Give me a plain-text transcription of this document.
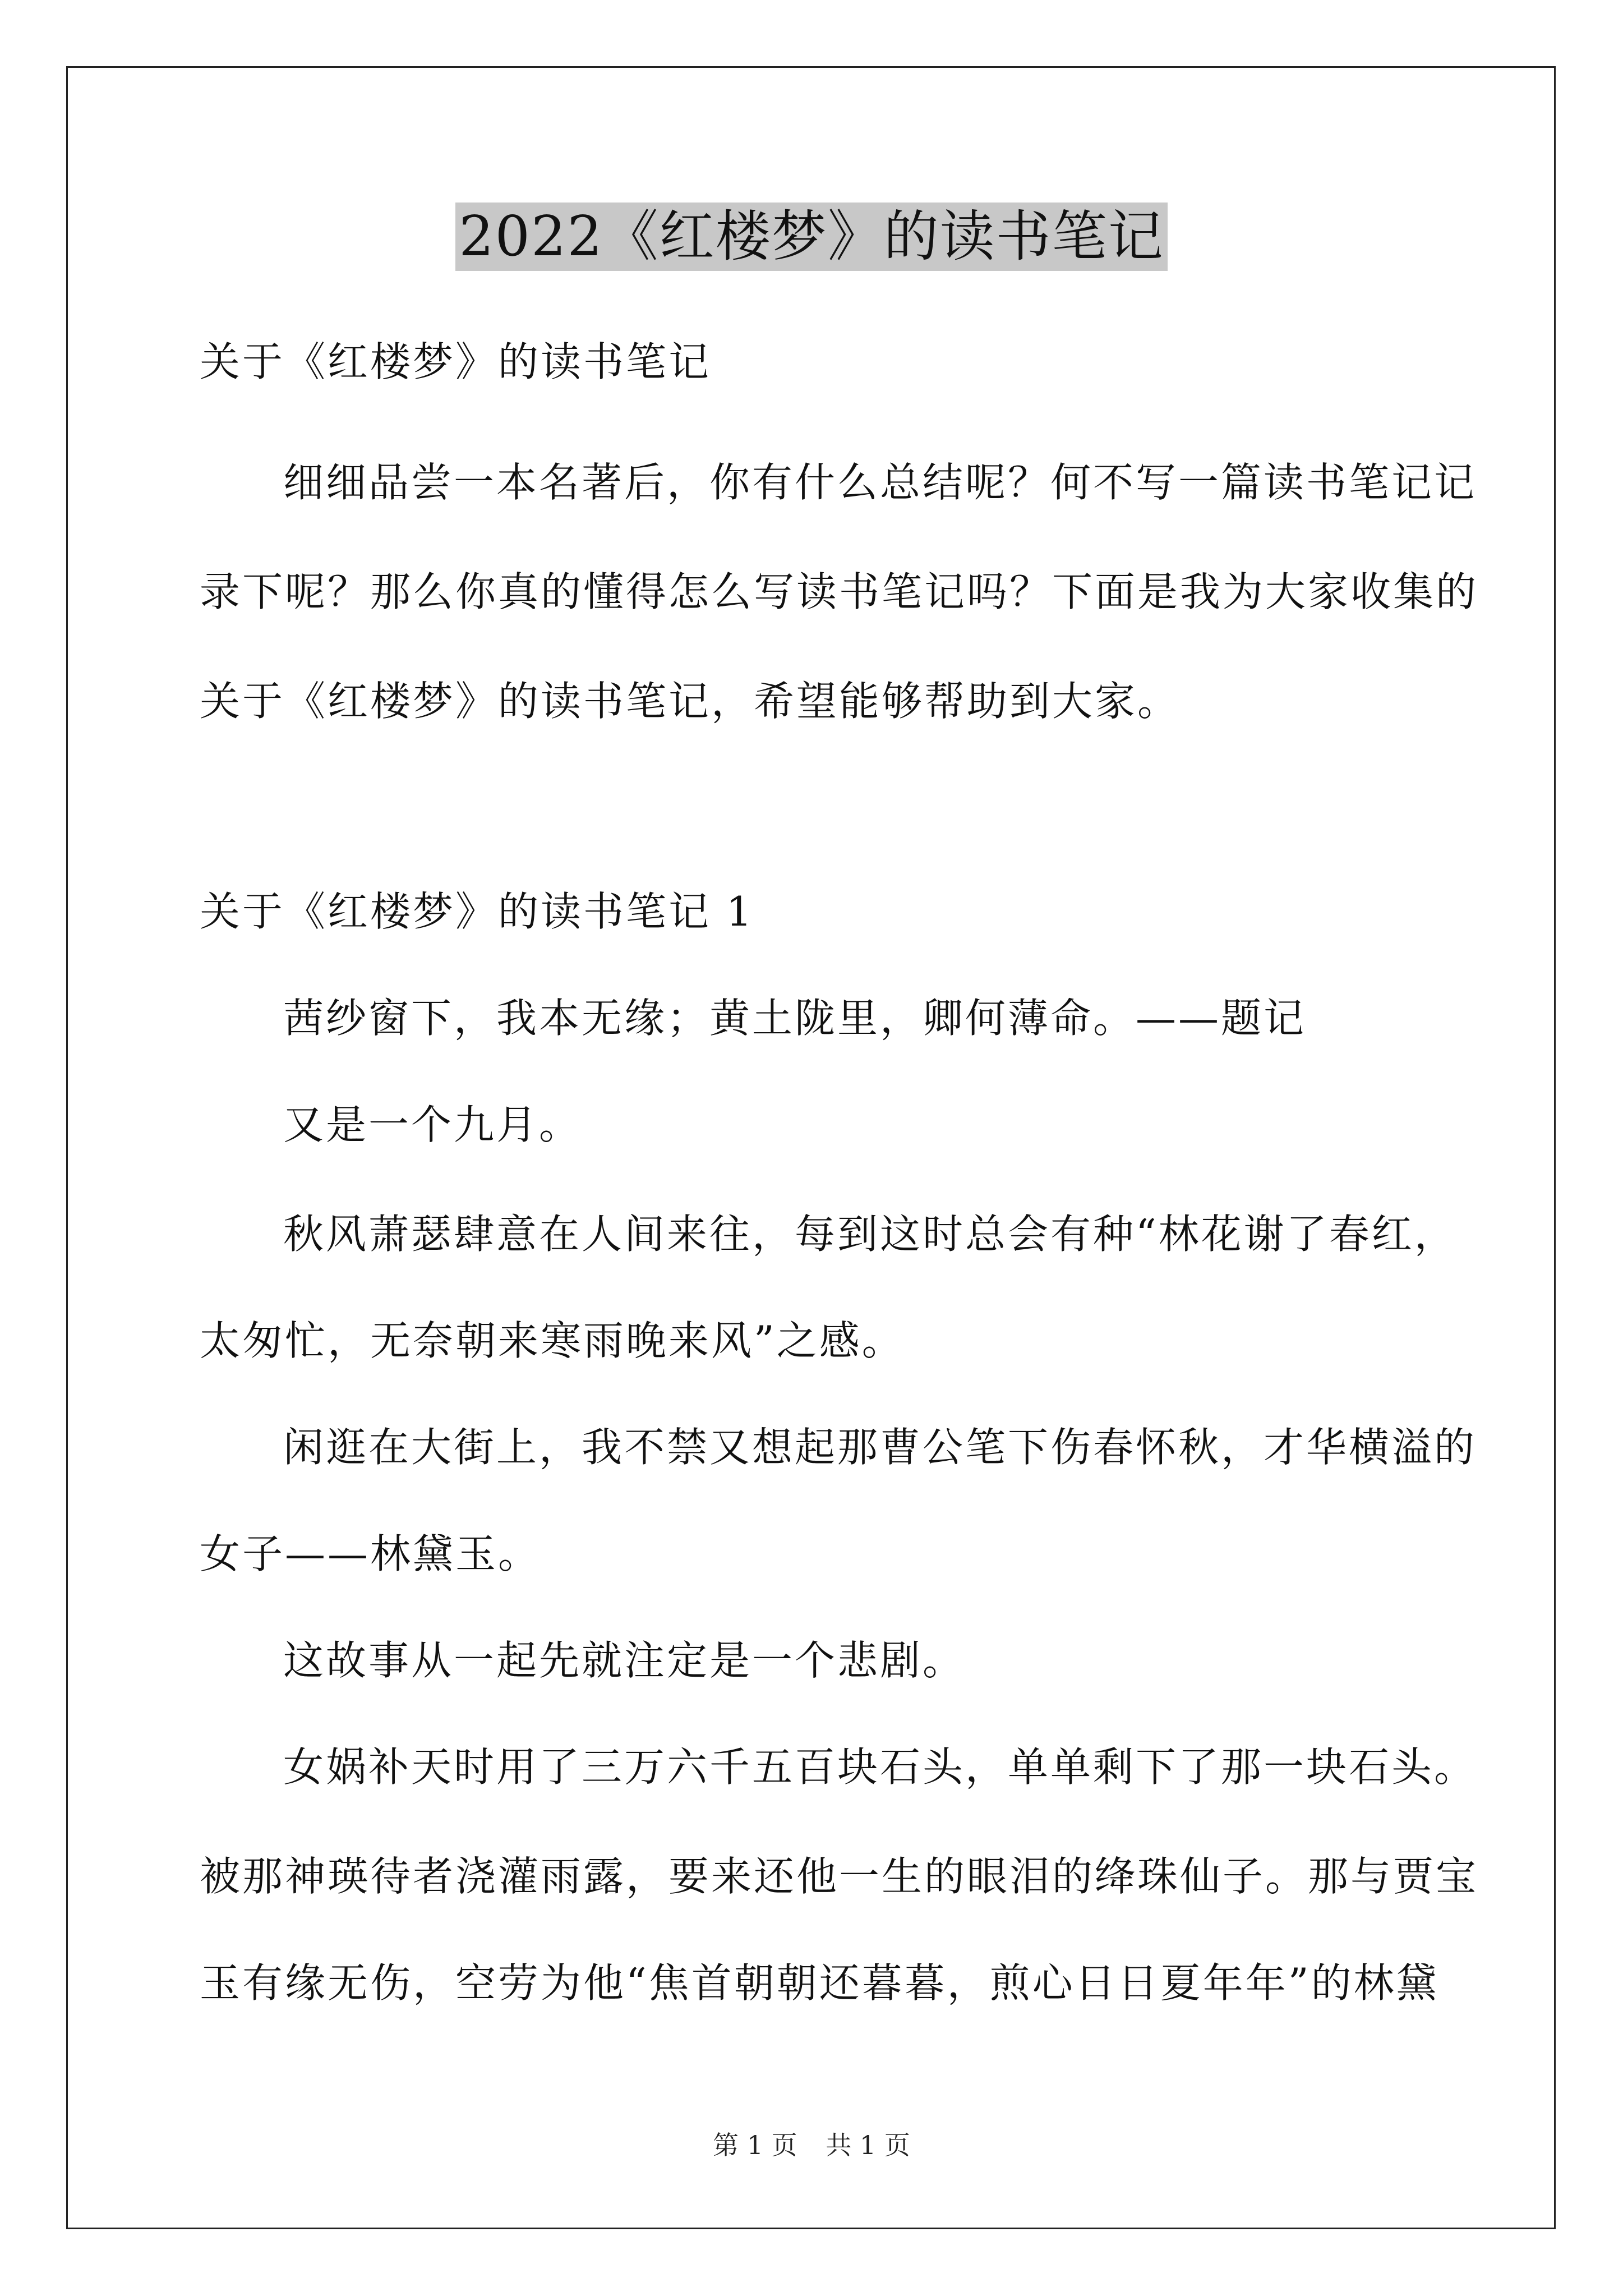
2022《红楼梦》的读书笔记
关于《红楼梦》的读书笔记
细细品尝一本名著后，你有什么总结呢？何不写一篇读书笔记记
录下呢？那么你真的懂得怎么写读书笔记吗？下面是我为大家收集的
关于《红楼梦》的读书笔记，希望能够帮助到大家。
关于《红楼梦》的读书笔记 1
茜纱窗下，我本无缘；黄土陇里，卿何薄命。——题记
又是一个九月。
秋风萧瑟肆意在人间来往，每到这时总会有种“林花谢了春红，
太匆忙，无奈朝来寒雨晚来风”之感。
闲逛在大街上，我不禁又想起那曹公笔下伤春怀秋，才华横溢的
女子——林黛玉。
这故事从一起先就注定是一个悲剧。
女娲补天时用了三万六千五百块石头，单单剩下了那一块石头。
被那神瑛待者浇灌雨露，要来还他一生的眼泪的绛珠仙子。那与贾宝
玉有缘无伤，空劳为他“焦首朝朝还暮暮，煎心日日夏年年”的林黛
第 1 页 共 1 页
